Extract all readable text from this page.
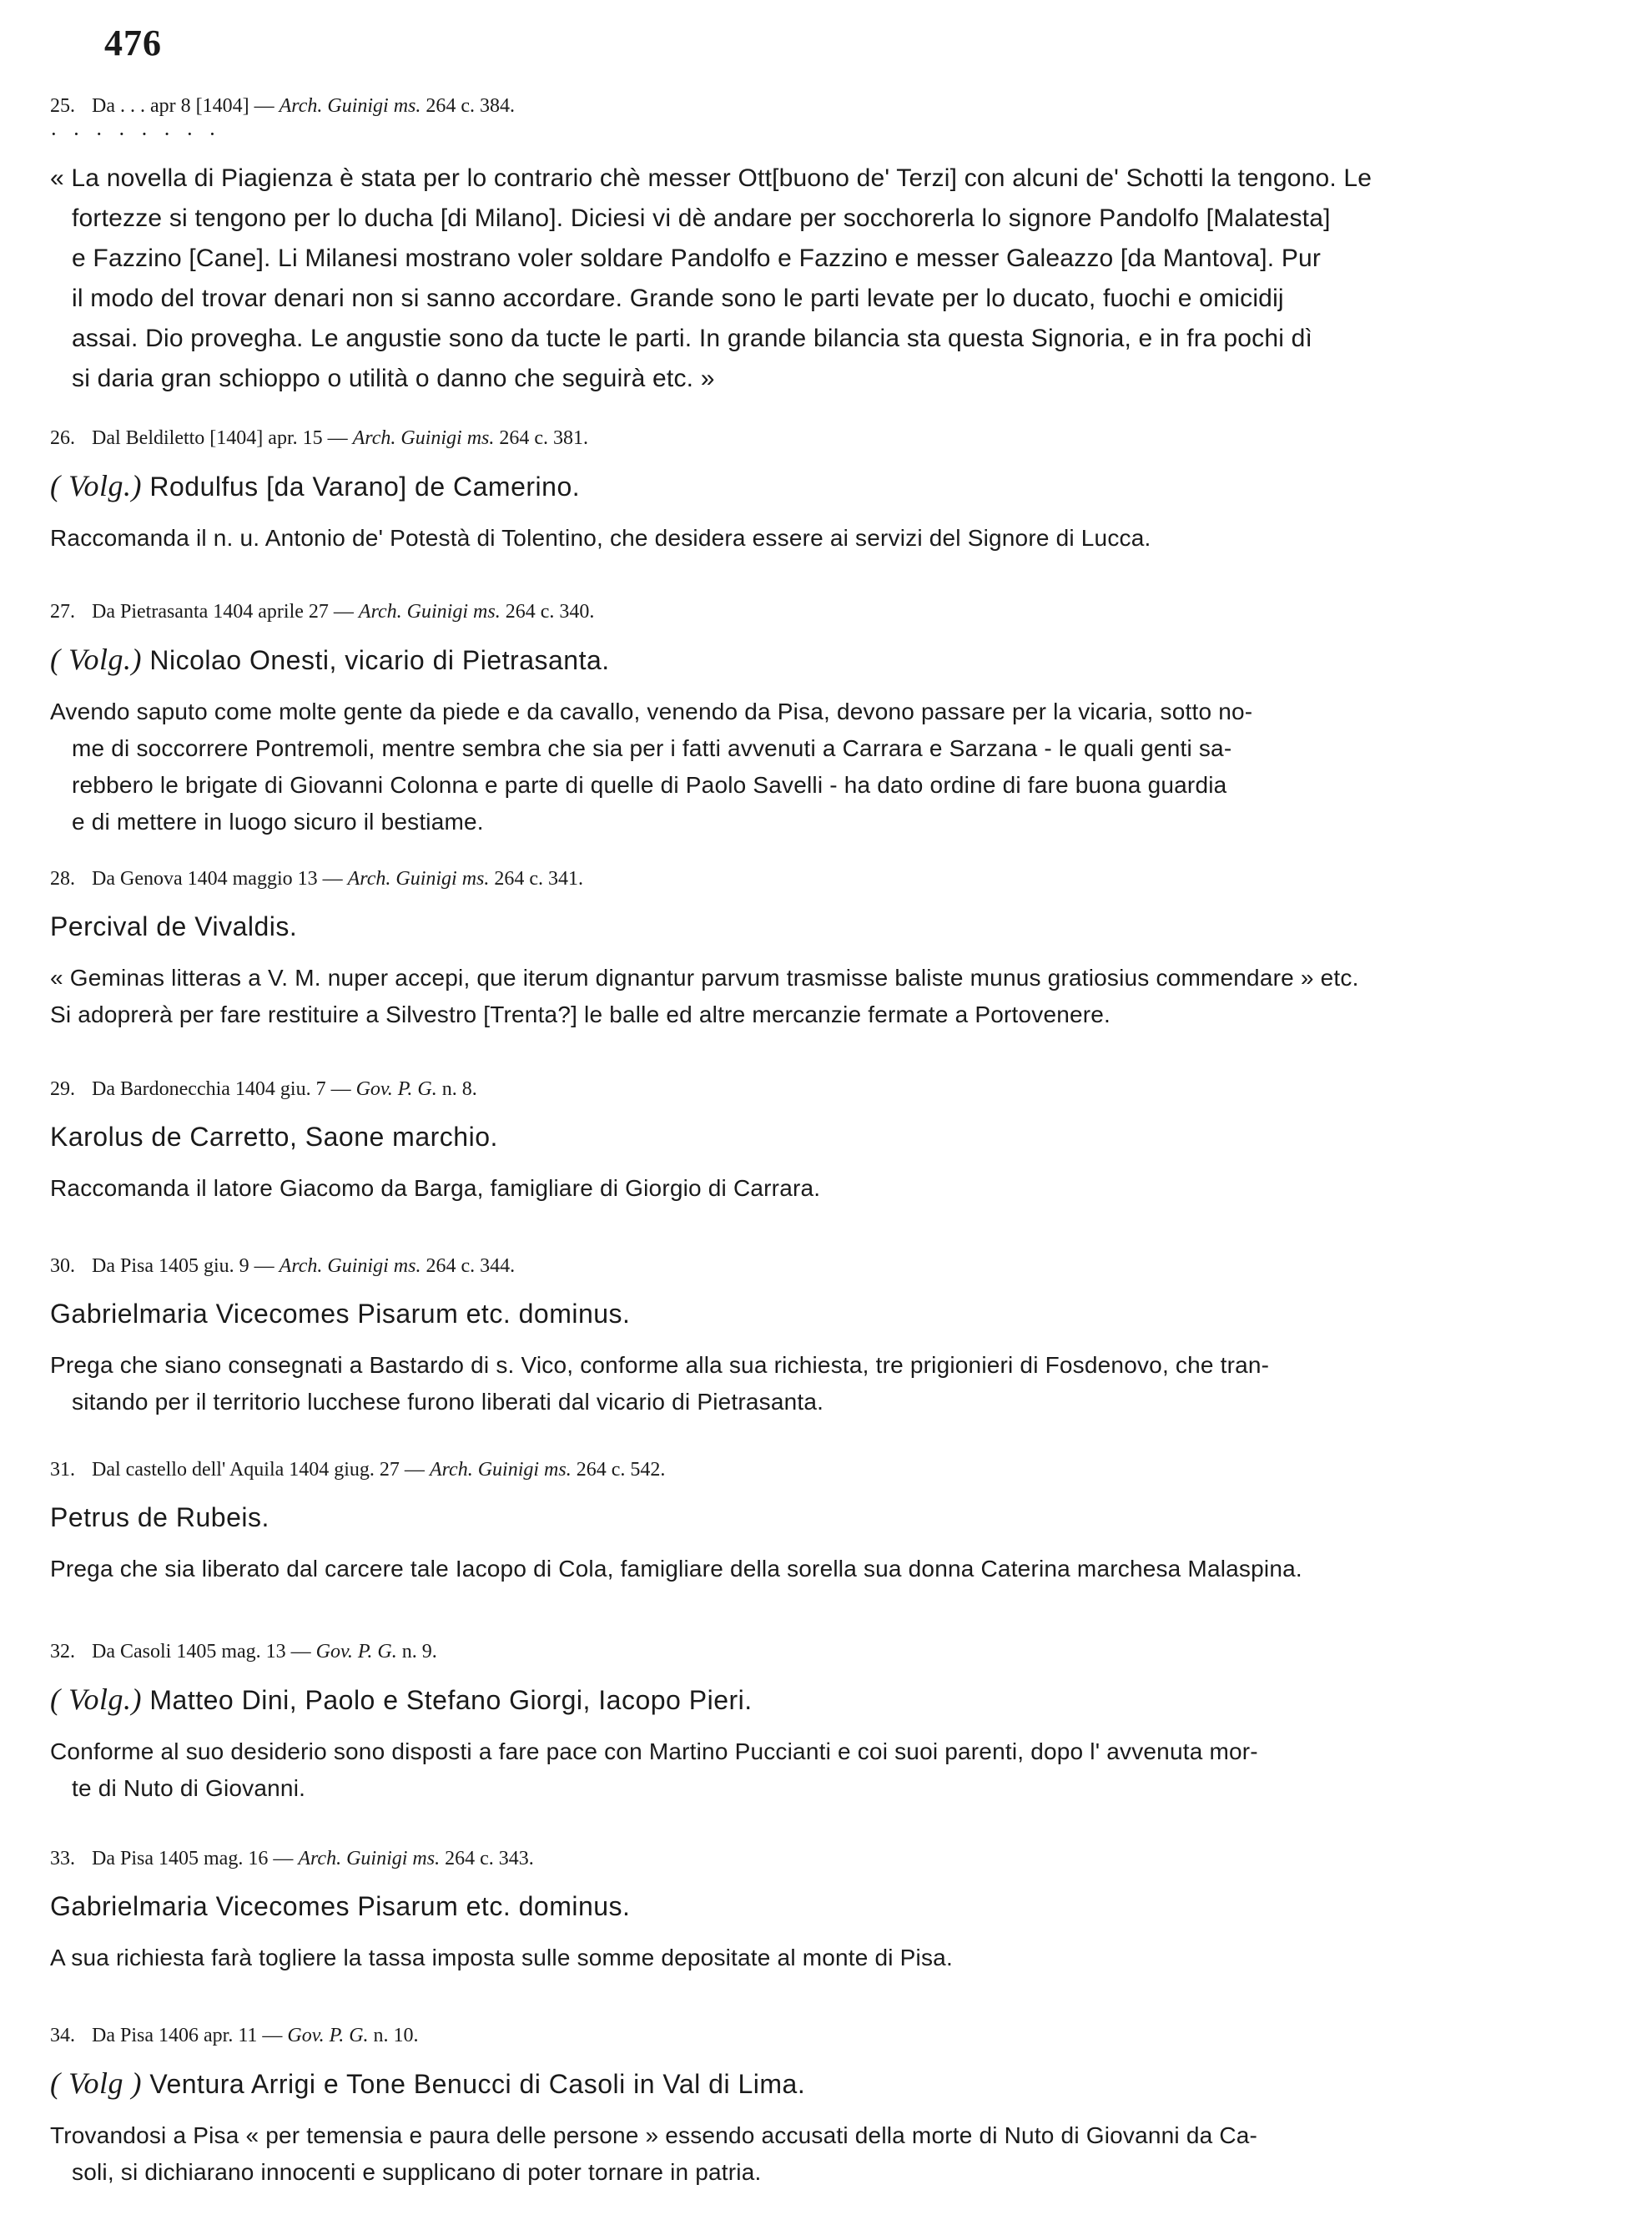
476
25. Da . . . apr 8 [1404] — Arch. Guinigi ms. 264 c. 384.
· · · · · · · ·
« La novella di Piagienza è stata per lo contrario chè messer Ott[buono de' Terzi] con alcuni de' Schotti la tengono. Le
fortezze si tengono per lo ducha [di Milano]. Diciesi vi dè andare per socchorerla lo signore Pandolfo [Malatesta]
e Fazzino [Cane]. Li Milanesi mostrano voler soldare Pandolfo e Fazzino e messer Galeazzo [da Mantova]. Pur
il modo del trovar denari non si sanno accordare. Grande sono le parti levate per lo ducato, fuochi e omicidij
assai. Dio proveghа. Le angustie sono da tucte le parti. In grande bilancia sta questa Signoria, e in fra pochi dì
si daria gran schioppo o utilità o danno che seguirà etc. »
26. Dal Beldiletto [1404] apr. 15 — Arch. Guinigi ms. 264 c. 381.
( Volg.) Rodulfus [da Varano] de Camerino.
Raccomanda il n. u. Antonio de' Potestà di Tolentino, che desidera essere ai servizi del Signore di Lucca.
27. Da Pietrasanta 1404 aprile 27 — Arch. Guinigi ms. 264 c. 340.
( Volg.) Nicolao Onesti, vicario di Pietrasanta.
Avendo saputo come molte gente da piede e da cavallo, venendo da Pisa, devono passare per la vicaria, sotto no-
me di soccorrere Pontremoli, mentre sembra che sia per i fatti avvenuti a Carrara e Sarzana - le quali genti sa-
rebbero le brigate di Giovanni Colonna e parte di quelle di Paolo Savelli - ha dato ordine di fare buona guardia
e di mettere in luogo sicuro il bestiame.
28. Da Genova 1404 maggio 13 — Arch. Guinigi ms. 264 c. 341.
Percival de Vivaldis.
« Geminas litteras a V. M. nuper accepi, que iterum dignantur parvum trasmisse baliste munus gratiosius commendare » etc.
Si adoprerà per fare restituire a Silvestro [Trenta?] le balle ed altre mercanzie fermate a Portovenere.
29. Da Bardonecchia 1404 giu. 7 — Gov. P. G. n. 8.
Karolus de Carretto, Saone marchio.
Raccomanda il latore Giacomo da Barga, famigliare di Giorgio di Carrara.
30. Da Pisa 1405 giu. 9 — Arch. Guinigi ms. 264 c. 344.
Gabrielmaria Vicecomes Pisarum etc. dominus.
Prega che siano consegnati a Bastardo di s. Vico, conforme alla sua richiesta, tre prigionieri di Fosdenovo, che tran-
sitando per il territorio lucchese furono liberati dal vicario di Pietrasanta.
31. Dal castello dell' Aquila 1404 giug. 27 — Arch. Guinigi ms. 264 c. 542.
Petrus de Rubeis.
Prega che sia liberato dal carcere tale Iacopo di Cola, famigliare della sorella sua donna Caterina marchesa Malaspina.
32. Da Casoli 1405 mag. 13 — Gov. P. G. n. 9.
( Volg.) Matteo Dini, Paolo e Stefano Giorgi, Iacopo Pieri.
Conforme al suo desiderio sono disposti a fare pace con Martino Pucciantі e coi suoi parenti, dopo l' avvenuta mor-
te di Nuto di Giovanni.
33. Da Pisa 1405 mag. 16 — Arch. Guinigi ms. 264 c. 343.
Gabrielmaria Vicecomes Pisarum etc. dominus.
A sua richiesta farà togliere la tassa imposta sulle somme depositate al monte di Pisa.
34. Da Pisa 1406 apr. 11 — Gov. P. G. n. 10.
( Volg ) Ventura Arrigi e Tone Benucci di Casoli in Val di Lima.
Trovandosi a Pisa « per temensia e paura delle persone » essendo accusati della morte di Nuto di Giovanni da Ca-
soli, si dichiarano innocenti e supplicano di poter tornare in patria.
